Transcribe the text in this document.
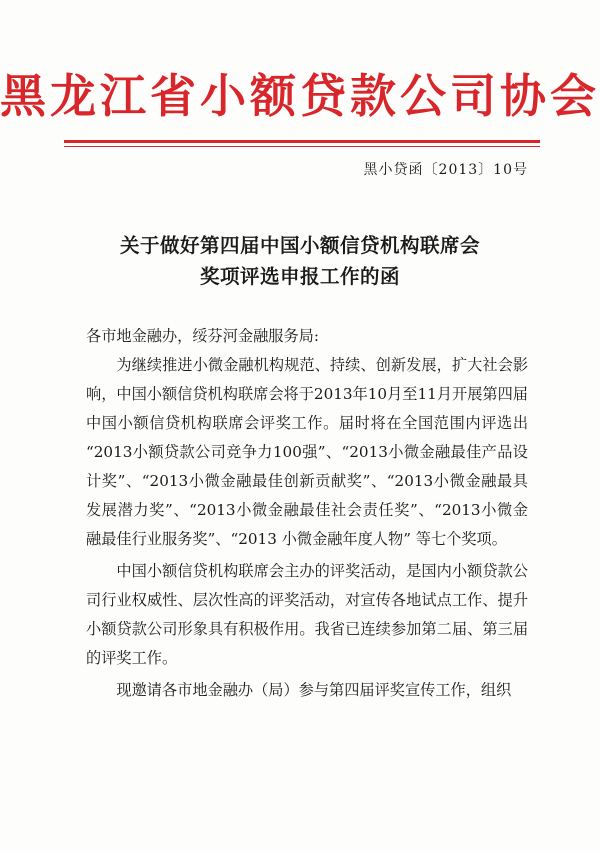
黑龙江省小额贷款公司协会
黑小贷函〔2013〕10号
关于做好第四届中国小额信贷机构联席会
奖项评选申报工作的函

各市地金融办，绥芬河金融服务局:

为继续推进小微金融机构规范、持续、创新发展，扩大社会影响，中国小额信贷机构联席会将于2013年10月至11月开展第四届中国小额信贷机构联席会评奖工作。届时将在全国范围内评选出 “2013小额贷款公司竞争力100强”、“2013小微金融最佳产品设计奖”、“2013小微金融最佳创新贡献奖”、“2013小微金融最具发展潜力奖”、“2013小微金融最佳社会责任奖”、“2013小微金融最佳行业服务奖”、“2013 小微金融年度人物” 等七个奖项。

中国小额信贷机构联席会主办的评奖活动，是国内小额贷款公司行业权威性、层次性高的评奖活动，对宣传各地试点工作、提升小额贷款公司形象具有积极作用。我省已连续参加第二届、第三届的评奖工作。

现邀请各市地金融办（局）参与第四届评奖宣传工作，组织
